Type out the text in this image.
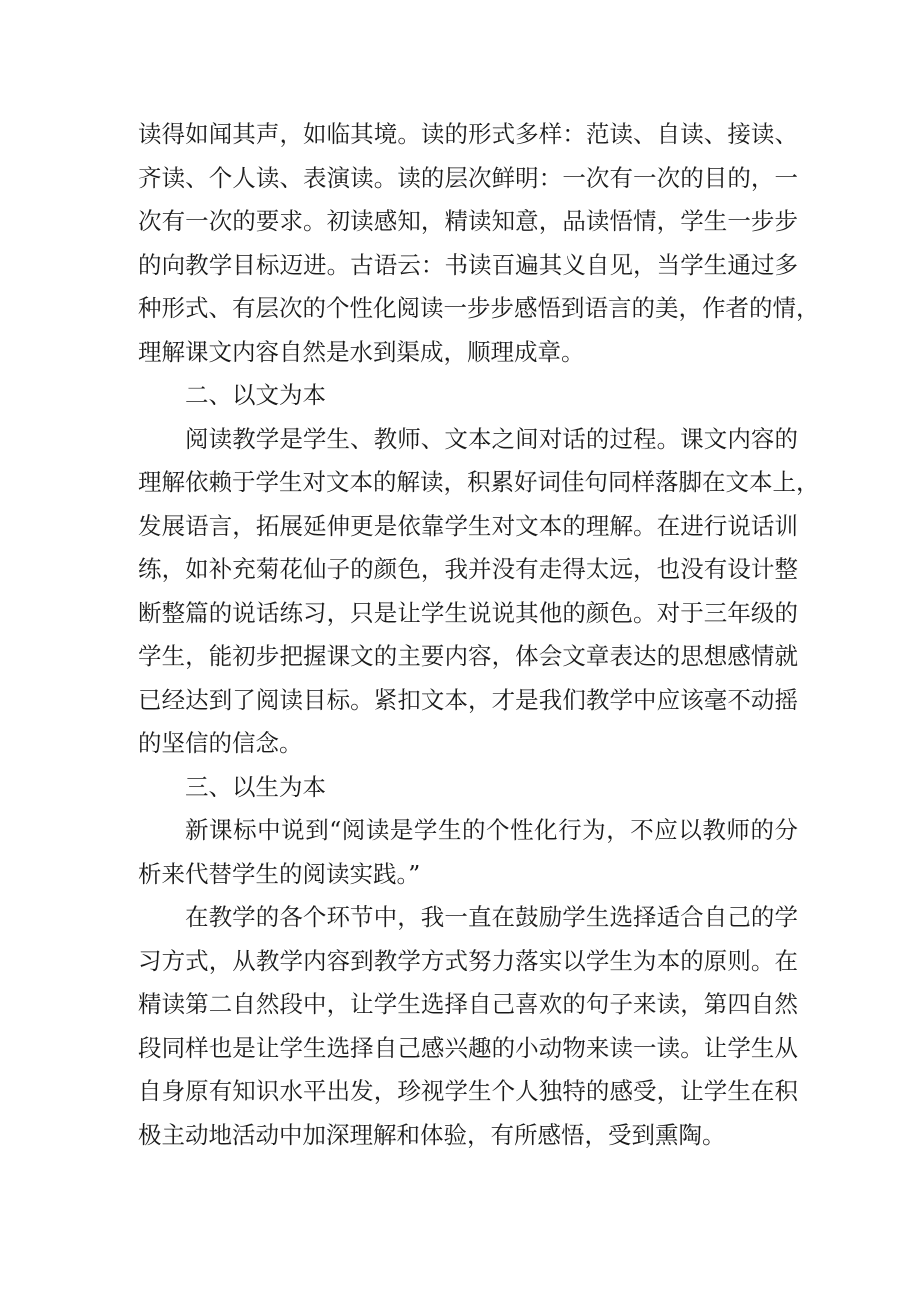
读得如闻其声，如临其境。读的形式多样：范读、自读、接读、
齐读、个人读、表演读。读的层次鲜明：一次有一次的目的，一
次有一次的要求。初读感知，精读知意，品读悟情，学生一步步
的向教学目标迈进。古语云：书读百遍其义自见，当学生通过多
种形式、有层次的个性化阅读一步步感悟到语言的美，作者的情，
理解课文内容自然是水到渠成，顺理成章。
二、以文为本
阅读教学是学生、教师、文本之间对话的过程。课文内容的
理解依赖于学生对文本的解读，积累好词佳句同样落脚在文本上，
发展语言，拓展延伸更是依靠学生对文本的理解。在进行说话训
练，如补充菊花仙子的颜色，我并没有走得太远，也没有设计整
断整篇的说话练习，只是让学生说说其他的颜色。对于三年级的
学生，能初步把握课文的主要内容，体会文章表达的思想感情就
已经达到了阅读目标。紧扣文本，才是我们教学中应该毫不动摇
的坚信的信念。
三、以生为本
新课标中说到“阅读是学生的个性化行为，不应以教师的分
析来代替学生的阅读实践。”
在教学的各个环节中，我一直在鼓励学生选择适合自己的学
习方式，从教学内容到教学方式努力落实以学生为本的原则。在
精读第二自然段中，让学生选择自己喜欢的句子来读，第四自然
段同样也是让学生选择自己感兴趣的小动物来读一读。让学生从
自身原有知识水平出发，珍视学生个人独特的感受，让学生在积
极主动地活动中加深理解和体验，有所感悟，受到熏陶。
